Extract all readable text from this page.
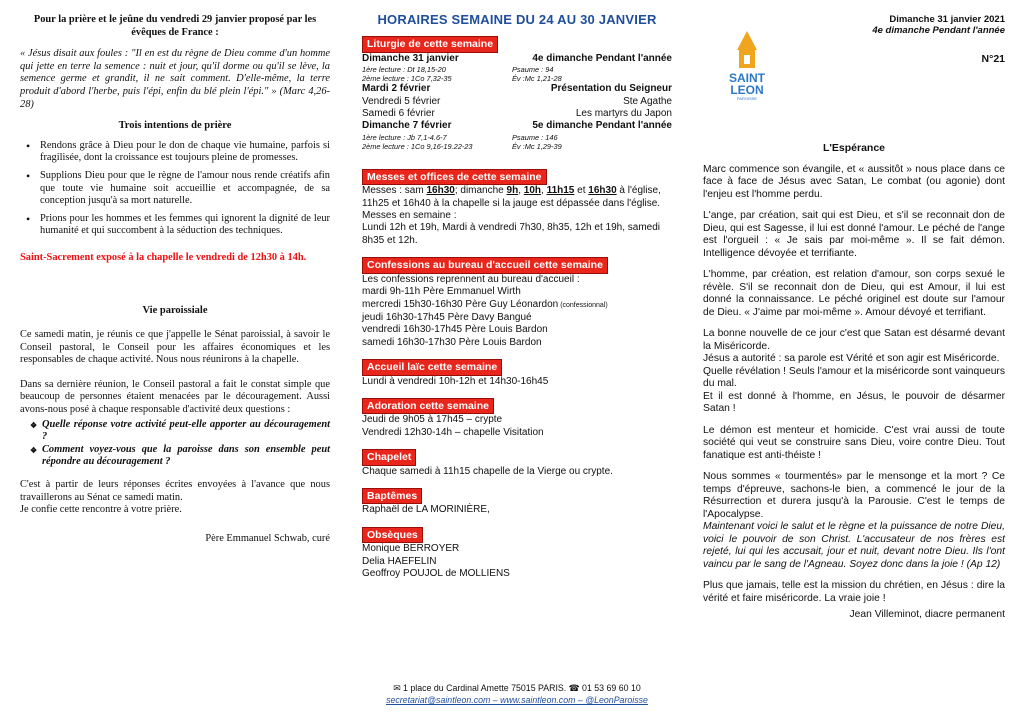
Pour la prière et le jeûne du vendredi 29 janvier proposé par les évêques de France :

« Jésus disait aux foules : "Il en est du règne de Dieu comme d'un homme qui jette en terre la semence : nuit et jour, qu'il dorme ou qu'il se lève, la semence germe et grandit, il ne sait comment. D'elle-même, la terre produit d'abord l'herbe, puis l'épi, enfin du blé plein l'épi." » (Marc 4,26-28)

Trois intentions de prière
• Rendons grâce à Dieu pour le don de chaque vie humaine, parfois si fragilisée, dont la croissance est toujours pleine de promesses.
• Supplions Dieu pour que le règne de l'amour nous rende créatifs afin que toute vie humaine soit accueillie et accompagnée, de sa conception jusqu'à sa mort naturelle.
• Prions pour les hommes et les femmes qui ignorent la dignité de leur humanité et qui succombent à la séduction des techniques.

Saint-Sacrement exposé à la chapelle le vendredi de 12h30 à 14h.

Vie paroissiale

Ce samedi matin, je réunis ce que j'appelle le Sénat paroissial, à savoir le Conseil pastoral, le Conseil pour les affaires économiques et les responsables de chaque activité. Nous nous réunirons à la chapelle.

Dans sa dernière réunion, le Conseil pastoral a fait le constat simple que beaucoup de personnes étaient menacées par le découragement. Aussi avons-nous posé à chaque responsable d'activité deux questions :

❖ Quelle réponse votre activité peut-elle apporter au découragement ?
❖ Comment voyez-vous que la paroisse dans son ensemble peut répondre au découragement ?

C'est à partir de leurs réponses écrites envoyées à l'avance que nous travaillerons au Sénat ce samedi matin.

Je confie cette rencontre à votre prière.

Père Emmanuel Schwab, curé

HORAIRES SEMAINE DU 24 AU 30 JANVIER

Liturgie de cette semaine
Dimanche 31 janvier	4e dimanche Pendant l'année
1ère lecture : Dt 18,15-20	Psaume : 94
2ème lecture : 1Co 7,32-35	Év :Mc 1,21-28
Mardi 2 février	Présentation du Seigneur
Vendredi 5 février	Ste Agathe
Samedi 6 février	Les martyrs du Japon
Dimanche 7 février	5e dimanche Pendant l'année
1ère lecture : Jb 7,1-4.6-7	Psaume : 146
2ème lecture : 1Co 9,16-19.22-23	Év :Mc 1,29-39
Messes et offices de cette semaine

Messes : sam 16h30; dimanche 9h, 10h, 11h15 et 16h30 à l'église, 11h25 et 16h40 à la chapelle si la jauge est dépassée dans l'église.

Messes en semaine :

Lundi 12h et 19h, Mardi à vendredi 7h30, 8h35, 12h et 19h, samedi 8h35 et 12h.

Confessions au bureau d'accueil cette semaine

Les confessions reprennent au bureau d'accueil :

mardi 9h-11h Père Emmanuel Wirth

mercredi 15h30-16h30 Père Guy Léonardon (confessionnal)

jeudi 16h30-17h45 Père Davy Bangué

vendredi 16h30-17h45 Père Louis Bardon

samedi 16h30-17h30 Père Louis Bardon

Accueil laïc cette semaine

Lundi à vendredi 10h-12h et 14h30-16h45

Adoration cette semaine

Jeudi de 9h05 à 17h45 – crypte

Vendredi 12h30-14h – chapelle Visitation

Chapelet

Chaque samedi à 11h15 chapelle de la Vierge ou crypte.

Baptêmes

Raphaël de LA MORINIÈRE,

Obsèques

Monique BERROYER

Delia HAEFELIN

Geoffroy POUJOL de MOLLIENS

✉ 1 place du Cardinal Amette 75015 PARIS. ☎ 01 53 69 60 10

secretariat@saintleon.com – www.saintleon.com – @LeonParoisse

SAINT
LEON
PAROISSE

Dimanche 31 janvier 2021
4e dimanche Pendant l'année

N°21

L'Espérance

Marc commence son évangile, et « aussitôt » nous place dans ce face à face de Jésus avec Satan, Le combat (ou agonie) dont l'enjeu est l'homme perdu.

L'ange, par création, sait qui est Dieu, et s'il se reconnait don de Dieu, qui est Sagesse, il lui est donné l'amour. Le péché de l'ange est l'orgueil : « Je sais par moi-même ». Il se fait démon. Intelligence dévoyée et terrifiante.

L'homme, par création, est relation d'amour, son corps sexué le révèle. S'il se reconnait don de Dieu, qui est Amour, il lui est donné la connaissance. Le péché originel est doute sur l'amour de Dieu. « J'aime par moi-même ». Amour dévoyé et terrifiant.

La bonne nouvelle de ce jour c'est que Satan est désarmé devant la Miséricorde.

Jésus a autorité : sa parole est Vérité et son agir est Miséricorde.

Quelle révélation ! Seuls l'amour et la miséricorde sont vainqueurs du mal.

Et il est donné à l'homme, en Jésus, le pouvoir de désarmer Satan !

Le démon est menteur et homicide. C'est vrai aussi de toute société qui veut se construire sans Dieu, voire contre Dieu. Tout fanatique est anti-théiste !

Nous sommes « tourmentés» par le mensonge et la mort ? Ce temps d'épreuve, sachons-le bien, a commencé le jour de la Résurrection et durera jusqu'à la Parousie. C'est le temps de l'Apocalypse.

Maintenant voici le salut et le règne et la puissance de notre Dieu, voici le pouvoir de son Christ. L'accusateur de nos frères est rejeté, lui qui les accusait, jour et nuit, devant notre Dieu. Ils l'ont vaincu par le sang de l'Agneau. Soyez donc dans la joie ! (Ap 12)

Plus que jamais, telle est la mission du chrétien, en Jésus : dire la vérité et faire miséricorde. La vraie joie !

Jean Villeminot, diacre permanent
